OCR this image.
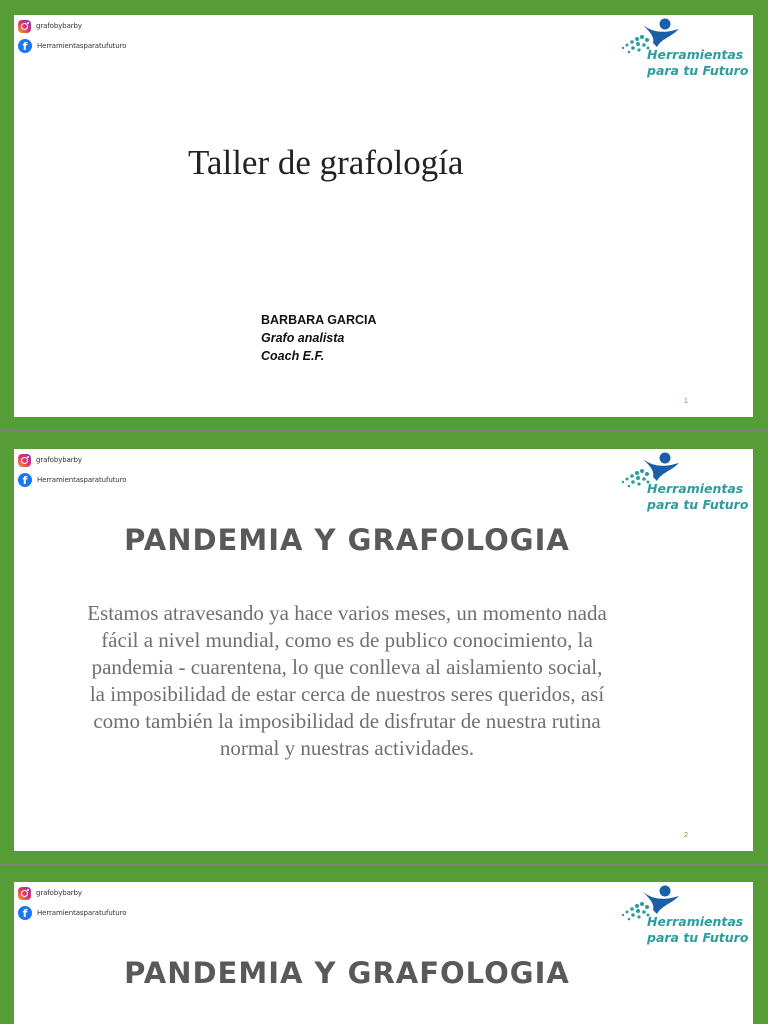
grafobybarby
f	Herramientasparatufuturo
Herramientas
para tu Futuro
Taller de grafología
BARBARA GARCIA
Grafo analista
Coach E.F.
1
grafobybarby
f	Herramientasparatufuturo
Herramientas
para tu Futuro
PANDEMIA Y GRAFOLOGIA
Estamos atravesando ya hace varios meses, un momento nada fácil a nivel mundial, como es de publico conocimiento, la pandemia - cuarentena, lo que conlleva al aislamiento social, la imposibilidad de estar cerca de nuestros seres queridos, así como también la imposibilidad de disfrutar de nuestra rutina normal y nuestras actividades.
2
grafobybarby
f	Herramientasparatufuturo
Herramientas
para tu Futuro
PANDEMIA Y GRAFOLOGIA
